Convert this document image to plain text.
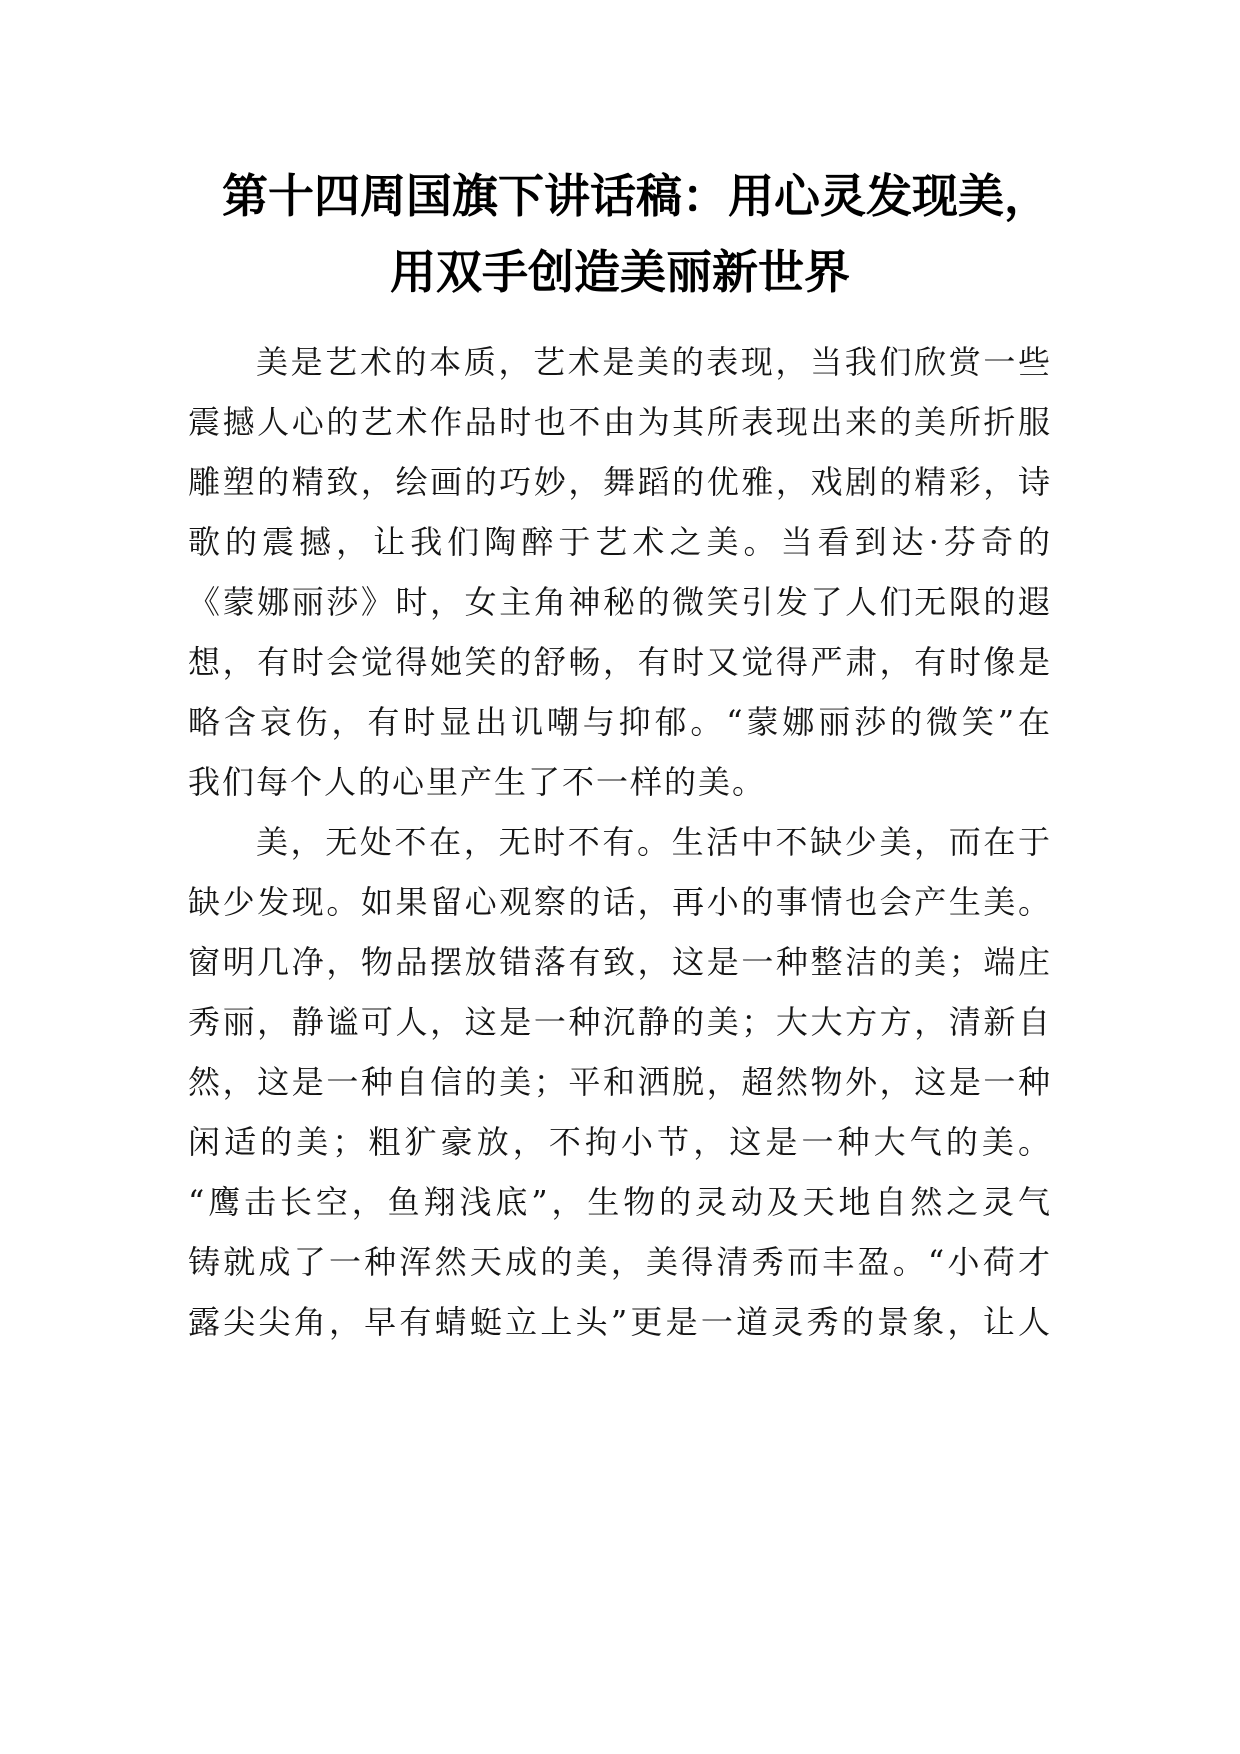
第十四周国旗下讲话稿：用心灵发现美，
用双手创造美丽新世界
美是艺术的本质，艺术是美的表现，当我们欣赏一些
震撼人心的艺术作品时也不由为其所表现出来的美所折服
雕塑的精致，绘画的巧妙，舞蹈的优雅，戏剧的精彩，诗
歌的震撼，让我们陶醉于艺术之美。当看到达·芬奇的
《蒙娜丽莎》时，女主角神秘的微笑引发了人们无限的遐
想，有时会觉得她笑的舒畅，有时又觉得严肃，有时像是
略含哀伤，有时显出讥嘲与抑郁。“蒙娜丽莎的微笑”在
我们每个人的心里产生了不一样的美。
美，无处不在，无时不有。生活中不缺少美，而在于
缺少发现。如果留心观察的话，再小的事情也会产生美。
窗明几净，物品摆放错落有致，这是一种整洁的美；端庄
秀丽，静谧可人，这是一种沉静的美；大大方方，清新自
然，这是一种自信的美；平和洒脱，超然物外，这是一种
闲适的美；粗犷豪放，不拘小节，这是一种大气的美。
“鹰击长空，鱼翔浅底”，生物的灵动及天地自然之灵气
铸就成了一种浑然天成的美，美得清秀而丰盈。“小荷才
露尖尖角，早有蜻蜓立上头”更是一道灵秀的景象，让人
